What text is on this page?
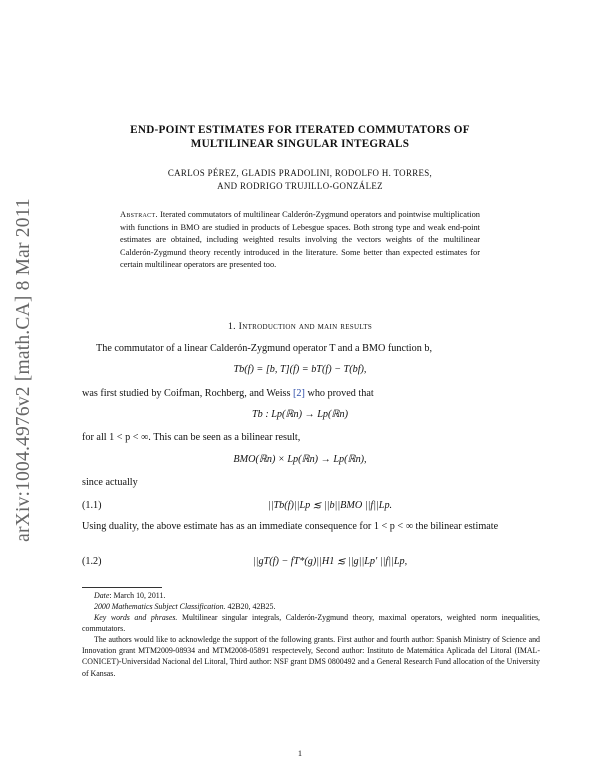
arXiv:1004.4976v2 [math.CA] 8 Mar 2011
END-POINT ESTIMATES FOR ITERATED COMMUTATORS OF
MULTILINEAR SINGULAR INTEGRALS
CARLOS PÉREZ, GLADIS PRADOLINI, RODOLFO H. TORRES,
AND RODRIGO TRUJILLO-GONZÁLEZ
Abstract. Iterated commutators of multilinear Calderón-Zygmund operators and pointwise multiplication with functions in BMO are studied in products of Lebesgue spaces. Both strong type and weak end-point estimates are obtained, including weighted results involving the vectors weights of the multilinear Calderón-Zygmund theory recently introduced in the literature. Some better than expected estimates for certain multilinear operators are presented too.
1. Introduction and main results
The commutator of a linear Calderón-Zygmund operator T and a BMO function b,
Tb(f) = [b, T](f) = bT(f) − T(bf),
was first studied by Coifman, Rochberg, and Weiss [2] who proved that
Tb : Lp(ℝn) → Lp(ℝn)
for all 1 < p < ∞. This can be seen as a bilinear result,
BMO(ℝn) × Lp(ℝn) → Lp(ℝn),
since actually
(1.1)	||Tb(f)||Lp ≲ ||b||BMO ||f||Lp.
Using duality, the above estimate has as an immediate consequence for 1 < p < ∞ the bilinear estimate
(1.2)	||gT(f) − fT*(g)||H1 ≲ ||g||Lp′ ||f||Lp,
Date: March 10, 2011.
2000 Mathematics Subject Classification. 42B20, 42B25.
Key words and phrases. Multilinear singular integrals, Calderón-Zygmund theory, maximal operators, weighted norm inequalities, commutators.
The authors would like to acknowledge the support of the following grants. First author and fourth author: Spanish Ministry of Science and Innovation grant MTM2009-08934 and MTM2008-05891 respectevely, Second author: Instituto de Matemática Aplicada del Litoral (IMAL-CONICET)-Universidad Nacional del Litoral, Third author: NSF grant DMS 0800492 and a General Research Fund allocation of the University of Kansas.
1
